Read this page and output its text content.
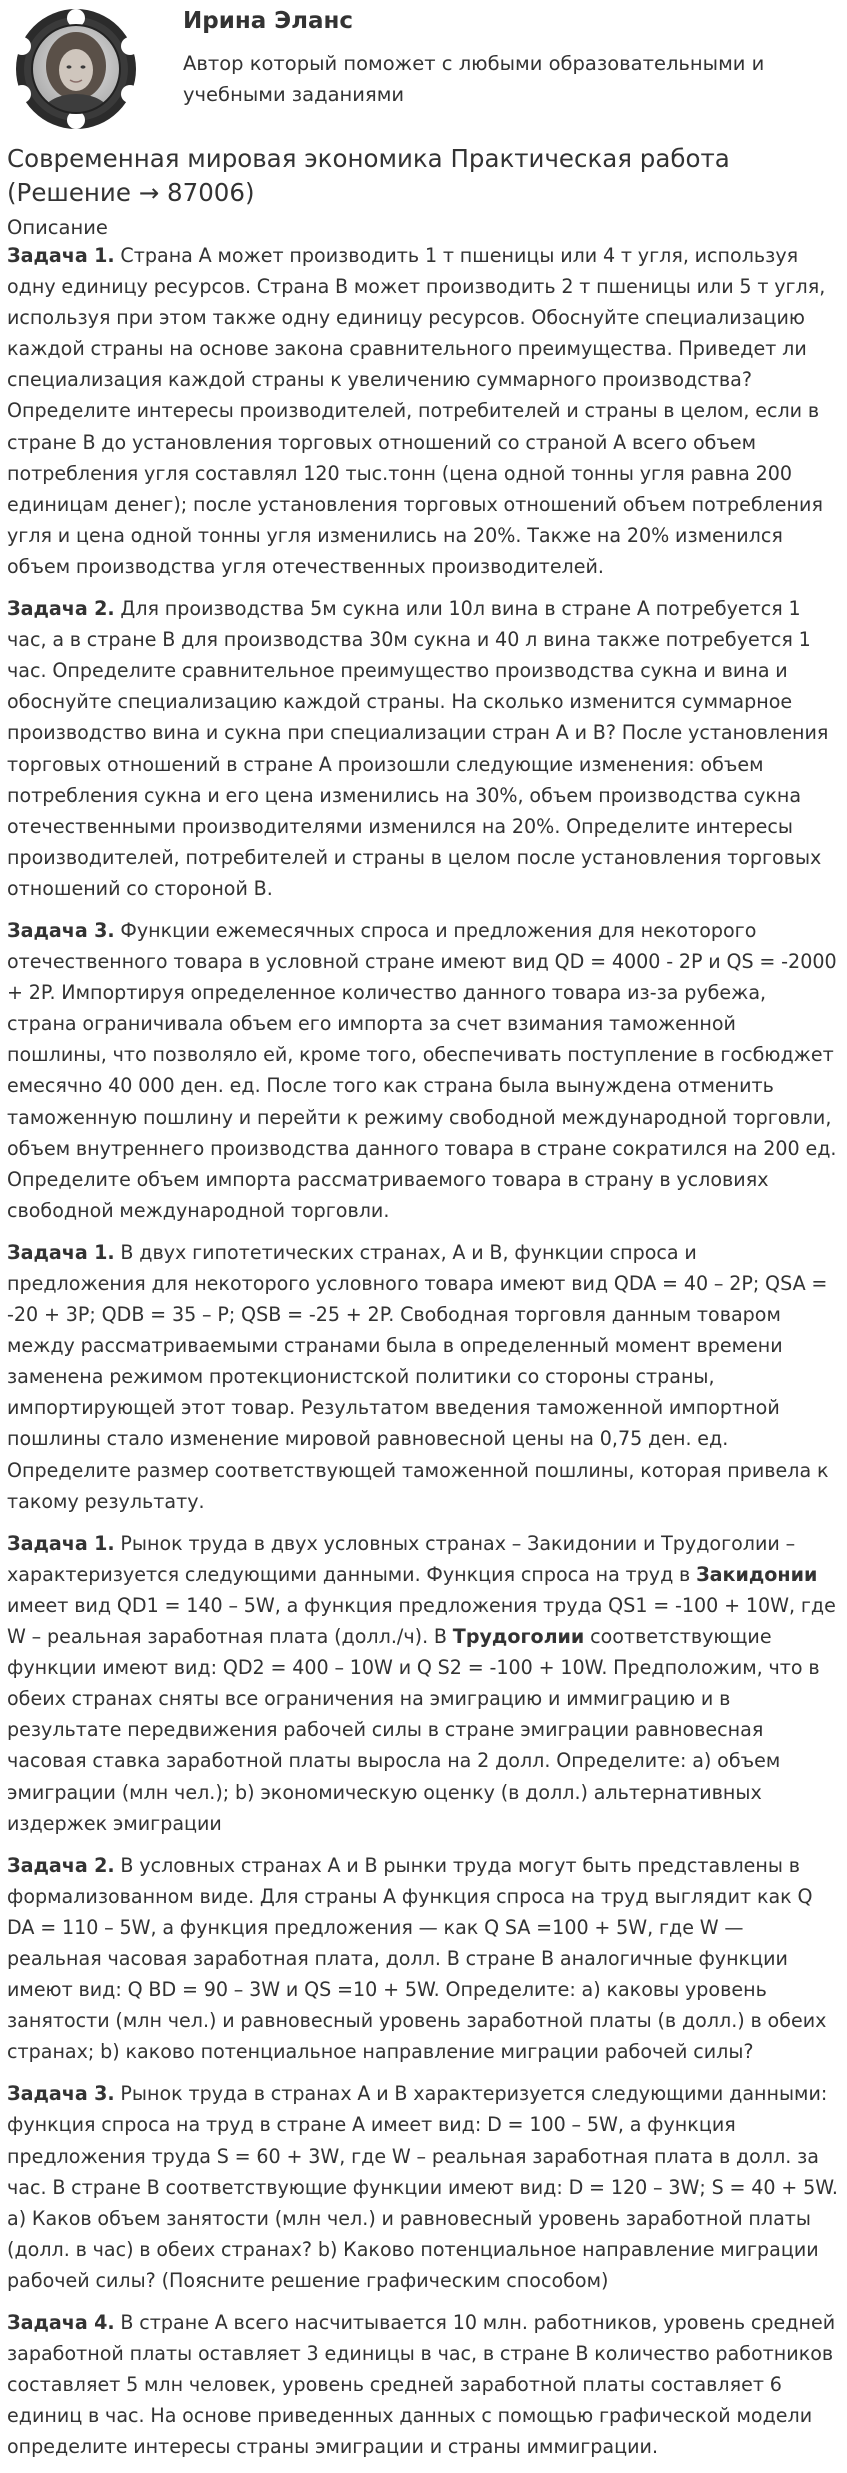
Ирина Эланс
Автор который поможет с любыми образовательными и учебными заданиями
Современная мировая экономика Практическая работа (Решение → 87006)
Описание

Задача 1. Страна A может производить 1 т пшеницы или 4 т угля, используя одну единицу ресурсов. Страна B может производить 2 т пшеницы или 5 т угля, используя при этом также одну единицу ресурсов. Обоснуйте специализацию каждой страны на основе закона сравнительного преимущества. Приведет ли специализация каждой страны к увеличению суммарного производства? Определите интересы производителей, потребителей и страны в целом, если в стране B до установления торговых отношений со страной A всего объем потребления угля составлял 120 тыс.тонн (цена одной тонны угля равна 200 единицам денег); после установления торговых отношений объем потребления угля и цена одной тонны угля изменились на 20%. Также на 20% изменился объем производства угля отечественных производителей.

Задача 2. Для производства 5м сукна или 10л вина в стране A потребуется 1 час, а в стране B для производства 30м сукна и 40 л вина также потребуется 1 час. Определите сравнительное преимущество производства сукна и вина и обоснуйте специализацию каждой страны. На сколько изменится суммарное производство вина и сукна при специализации стран A и B? После установления торговых отношений в стране A произошли следующие изменения: объем потребления сукна и его цена изменились на 30%, объем производства сукна отечественными производителями изменился на 20%. Определите интересы производителей, потребителей и страны в целом после установления торговых отношений со стороной B.

Задача 3. Функции ежемесячных спроса и предложения для некоторого отечественного товара в условной стране имеют вид QD = 4000 - 2P и QS = -2000 + 2P. Импортируя определенное количество данного товара из-за рубежа, страна ограничивала объем его импорта за счет взимания таможенной пошлины, что позволяло ей, кроме того, обеспечивать поступление в госбюджет емесячно 40 000 ден. ед. После того как страна была вынуждена отменить таможенную пошлину и перейти к режиму свободной международной торговли, объем внутреннего производства данного товара в стране сократился на 200 ед. Определите объем импорта рассматриваемого товара в страну в условиях свободной международной торговли.

Задача 1. В двух гипотетических странах, А и В, функции спроса и предложения для некоторого условного товара имеют вид QDA = 40 – 2P; QSA = -20 + 3P; QDB = 35 – P; QSB = -25 + 2P. Свободная торговля данным товаром между рассматриваемыми странами была в определенный момент времени заменена режимом протекционистской политики со стороны страны, импортирующей этот товар. Результатом введения таможенной импортной пошлины стало изменение мировой равновесной цены на 0,75 ден. ед. Определите размер соответствующей таможенной пошлины, которая привела к такому результату.

Задача 1. Рынок труда в двух условных странах – Закидонии и Трудоголии – характеризуется следующими данными. Функция спроса на труд в Закидонии имеет вид QD1 = 140 – 5W, а функция предложения труда QS1 = -100 + 10W, где W – реальная заработная плата (долл./ч). В Трудоголии соответствующие функции имеют вид: QD2 = 400 – 10W и Q S2 = -100 + 10W. Предположим, что в обеих странах сняты все ограничения на эмиграцию и иммиграцию и в результате передвижения рабочей силы в стране эмиграции равновесная часовая ставка заработной платы выросла на 2 долл. Определите: а) объем эмиграции (млн чел.); b) экономическую оценку (в долл.) альтернативных издержек эмиграции

Задача 2. В условных странах А и В рынки труда могут быть представлены в формализованном виде. Для страны А функция спроса на труд выглядит как Q DA = 110 – 5W, а функция предложения — как Q SA =100 + 5W, где W — реальная часовая заработная плата, долл. В стране В аналогичные функции имеют вид: Q BD = 90 – 3W и QS =10 + 5W. Определите: а) каковы уровень занятости (млн чел.) и равновесный уровень заработной платы (в долл.) в обеих странах; b) каково потенциальное направление миграции рабочей силы?

Задача 3. Рынок труда в странах А и В характеризуется следующими данными: функция спроса на труд в стране А имеет вид: D = 100 – 5W, а функция предложения труда S = 60 + 3W, где W – реальная заработная плата в долл. за час. В стране В соответствующие функции имеют вид: D = 120 – 3W; S = 40 + 5W. а) Каков объем занятости (млн чел.) и равновесный уровень заработной платы (долл. в час) в обеих странах? b) Каково потенциальное направление миграции рабочей силы? (Поясните решение графическим способом)

Задача 4. В стране А всего насчитывается 10 млн. работников, уровень средней заработной платы оставляет 3 единицы в час, в стране В количество работников составляет 5 млн человек, уровень средней заработной платы составляет 6 единиц в час. На основе приведенных данных с помощью графической модели определите интересы страны эмиграции и страны иммиграции.
